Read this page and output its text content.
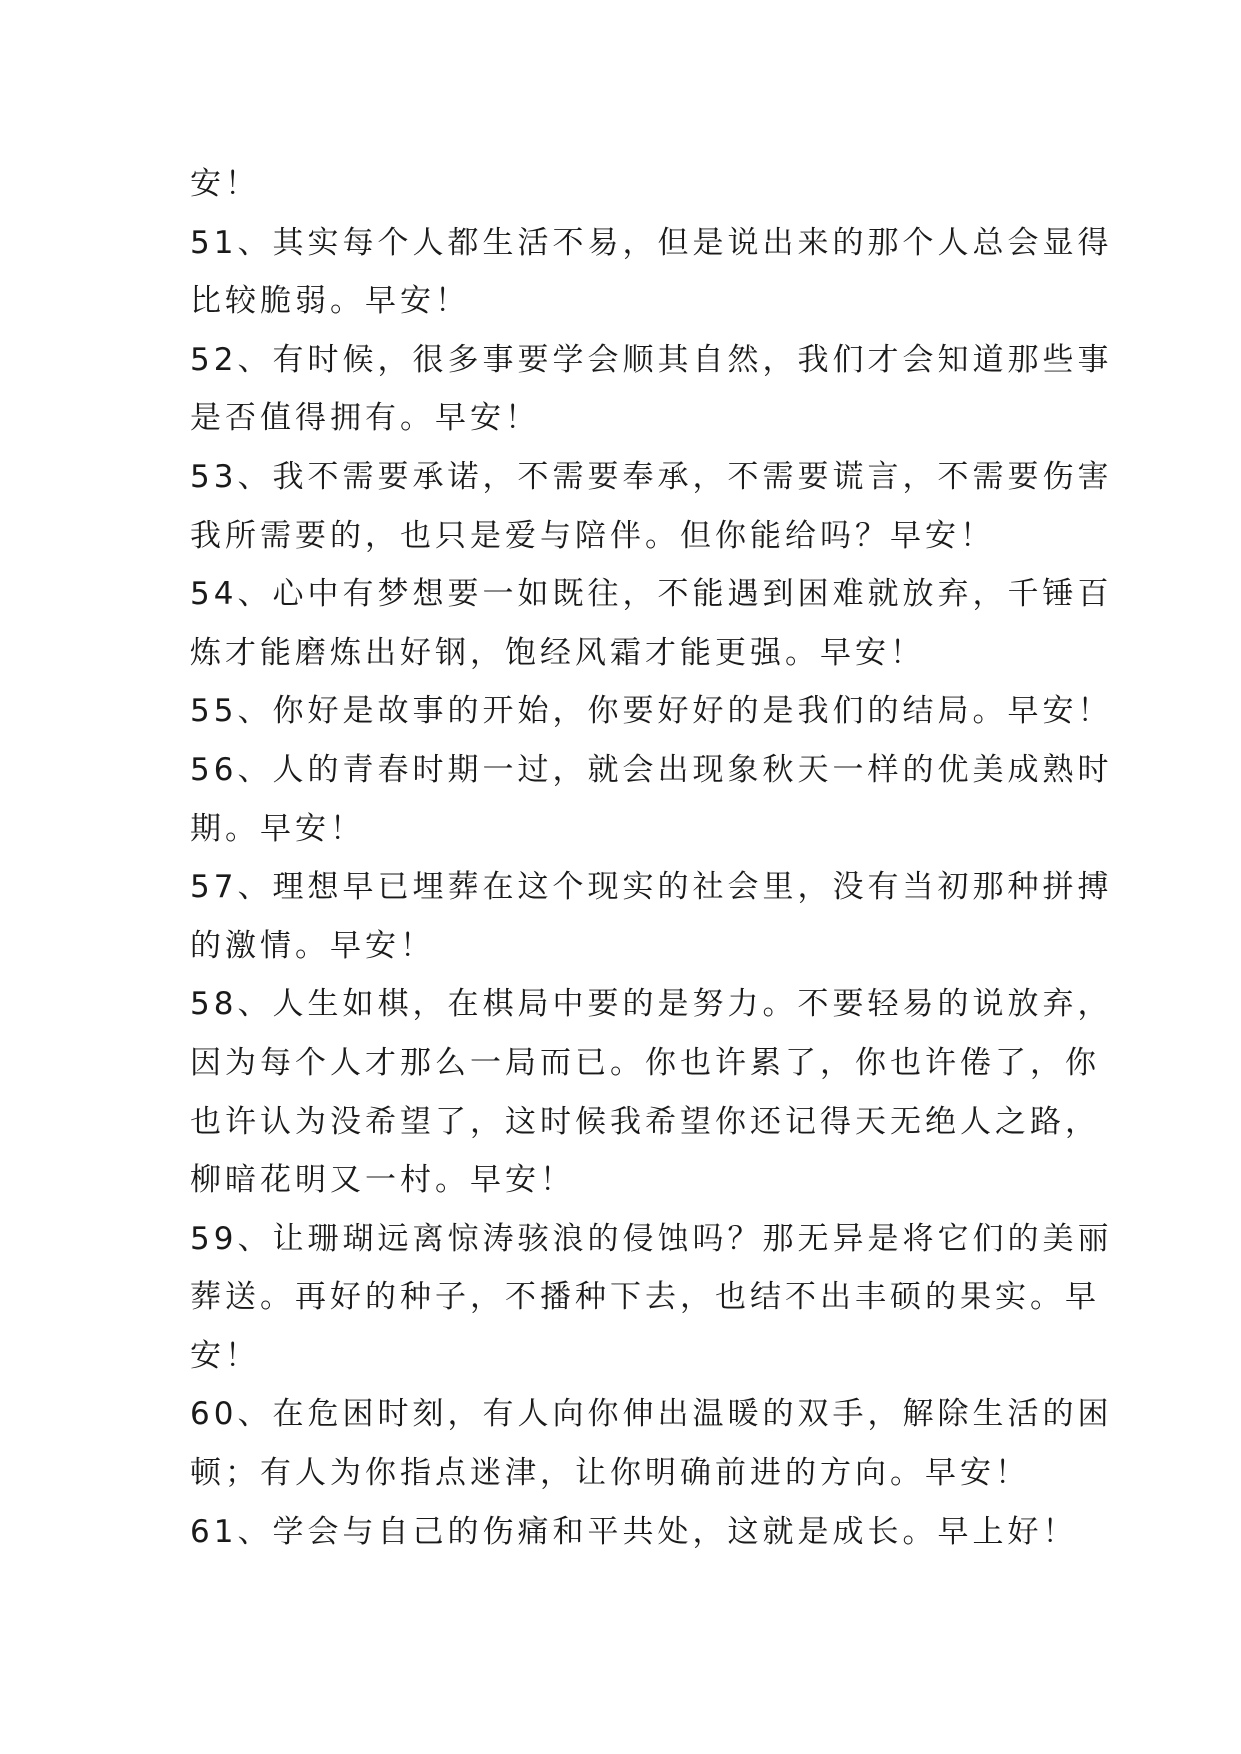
安！
51、其实每个人都生活不易，但是说出来的那个人总会显得
比较脆弱。早安！
52、有时候，很多事要学会顺其自然，我们才会知道那些事
是否值得拥有。早安！
53、我不需要承诺，不需要奉承，不需要谎言，不需要伤害
我所需要的，也只是爱与陪伴。但你能给吗？早安！
54、心中有梦想要一如既往，不能遇到困难就放弃，千锤百
炼才能磨炼出好钢，饱经风霜才能更强。早安！
55、你好是故事的开始，你要好好的是我们的结局。早安！
56、人的青春时期一过，就会出现象秋天一样的优美成熟时
期。早安！
57、理想早已埋葬在这个现实的社会里，没有当初那种拼搏
的激情。早安！
58、人生如棋，在棋局中要的是努力。不要轻易的说放弃，
因为每个人才那么一局而已。你也许累了，你也许倦了，你
也许认为没希望了，这时候我希望你还记得天无绝人之路，
柳暗花明又一村。早安！
59、让珊瑚远离惊涛骇浪的侵蚀吗？那无异是将它们的美丽
葬送。再好的种子，不播种下去，也结不出丰硕的果实。早
安！
60、在危困时刻，有人向你伸出温暖的双手，解除生活的困
顿；有人为你指点迷津，让你明确前进的方向。早安！
61、学会与自己的伤痛和平共处，这就是成长。早上好！
